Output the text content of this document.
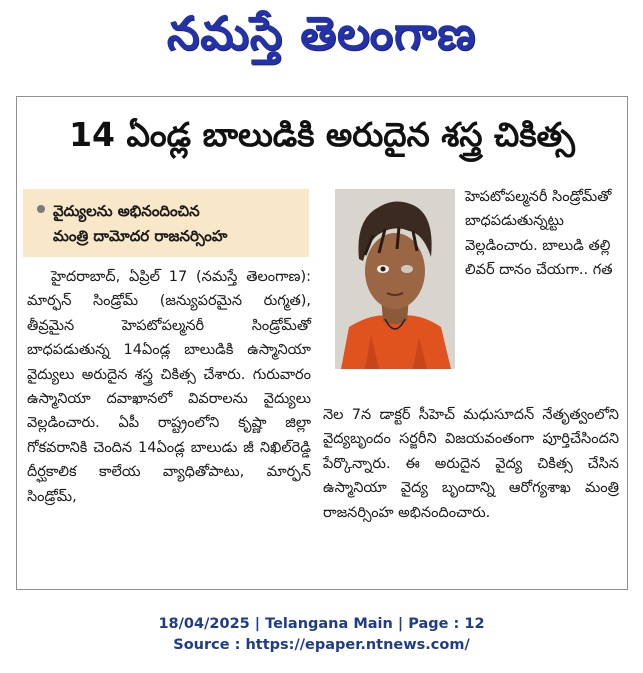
నమస్తే తెలంగాణ
14 ఏండ్ల బాలుడికి అరుదైన శస్త్ర చికిత్స
వైద్యులను అభినందించిన
మంత్రి దామోదర రాజనర్సింహ
హైదరాబాద్, ఏప్రిల్ 17 (నమస్తే తెలంగాణ): మార్ఫన్ సిండ్రోమ్ (జన్యుపరమైన రుగ్మత), తీవ్రమైన హెపటోపల్మనరీ సిండ్రోమ్‌తో బాధపడుతున్న 14ఏండ్ల బాలుడికి ఉస్మానియా వైద్యులు అరుదైన శస్త్ర చికిత్స చేశారు. గురువారం ఉస్మానియా దవాఖానలో వివరాలను వైద్యులు వెల్లడించారు. ఏపీ రాష్ట్రంలోని కృష్ణా జిల్లా గోకవరానికి చెందిన 14ఏండ్ల బాలుడు జీ నిఖిల్‌రెడ్డి దీర్ఘకాలిక కాలేయ వ్యాధితోపాటు, మార్ఫన్ సిండ్రోమ్,
హెపటోపల్మనరీ సిండ్రోమ్‌తో బాధపడుతున్నట్టు వెల్లడించారు. బాలుడి తల్లి లివర్ దానం చేయగా.. గత
నెల 7న డాక్టర్ సీహెచ్ మధుసూదన్ నేతృత్వంలోని వైద్యబృందం సర్జరీని విజయవంతంగా పూర్తిచేసిందని పేర్కొన్నారు. ఈ అరుదైన వైద్య చికిత్స చేసిన ఉస్మానియా వైద్య బృందాన్ని ఆరోగ్యశాఖ మంత్రి రాజనర్సింహ అభినందించారు.
18/04/2025 | Telangana Main | Page : 12
Source : https://epaper.ntnews.com/
